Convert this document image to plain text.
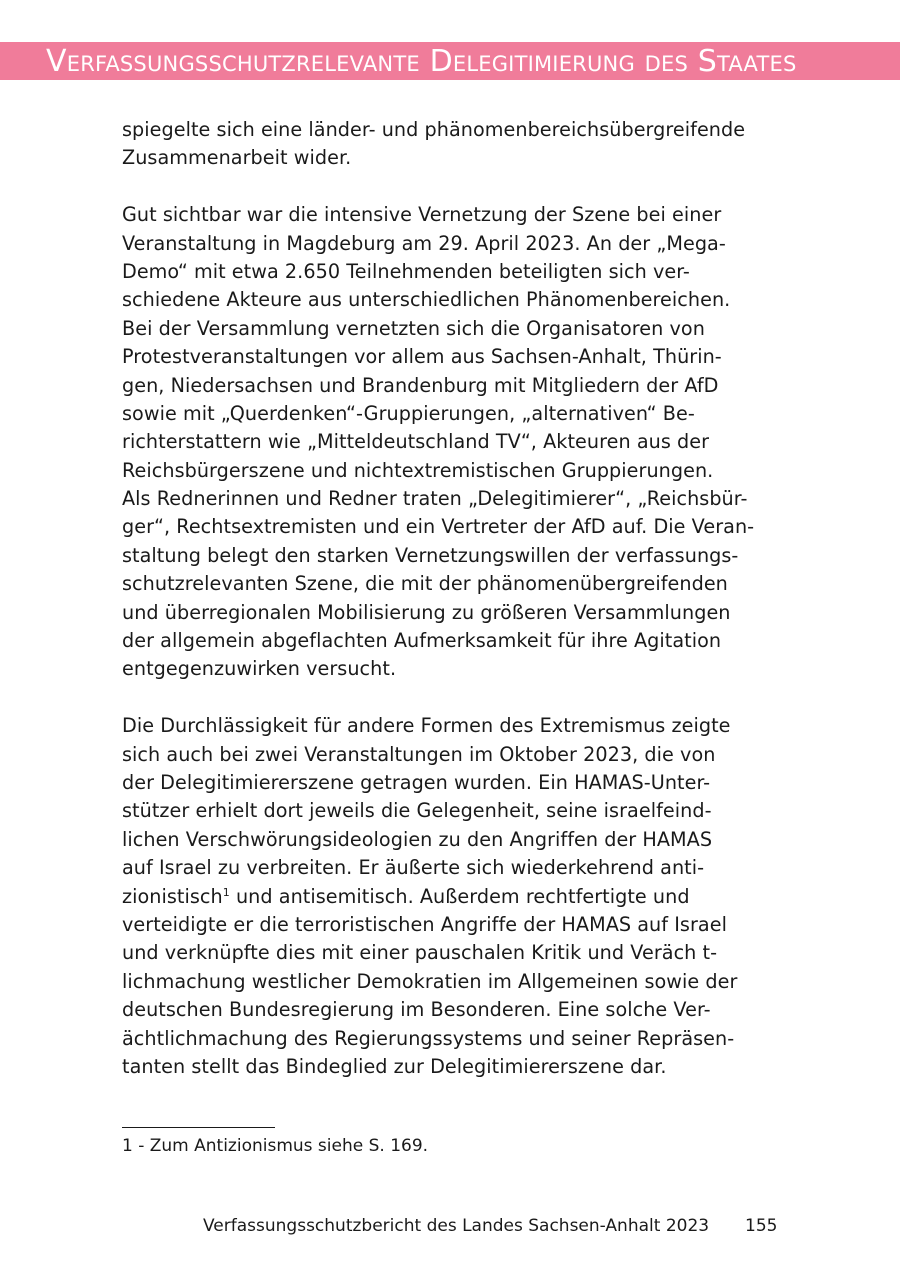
Verfassungsschutzrelevante Delegitimierung des Staates
spiegelte sich eine länder- und phänomenbereichsübergreifende
Zusammenarbeit wider.
Gut sichtbar war die intensive Vernetzung der Szene bei einer
Veranstaltung in Magdeburg am 29. April 2023. An der „Mega-
Demo“ mit etwa 2.650 Teilnehmenden beteiligten sich ver-
schiedene Akteure aus unterschiedlichen Phänomenbereichen.
Bei der Versammlung vernetzten sich die Organisatoren von
Protestveranstaltungen vor allem aus Sachsen-Anhalt, Thürin-
gen, Niedersachsen und Brandenburg mit Mitgliedern der AfD
sowie mit „Querdenken“-Gruppierungen, „alternativen“ Be-
richterstattern wie „Mitteldeutschland TV“, Akteuren aus der
Reichsbürgerszene und nichtextremistischen Gruppierungen.
Als Rednerinnen und Redner traten „Delegitimierer“, „Reichsbür-
ger“, Rechtsextremisten und ein Vertreter der AfD auf. Die Veran-
staltung belegt den starken Vernetzungswillen der verfassungs-
schutzrelevanten Szene, die mit der phänomenübergreifenden
und überregionalen Mobilisierung zu größeren Versammlungen
der allgemein abgeflachten Aufmerksamkeit für ihre Agitation
entgegenzuwirken versucht.
Die Durchlässigkeit für andere Formen des Extremismus zeigte
sich auch bei zwei Veranstaltungen im Oktober 2023, die von
der Delegitimiererszene getragen wurden. Ein HAMAS-Unter-
stützer erhielt dort jeweils die Gelegenheit, seine israelfeind-
lichen Verschwörungsideologien zu den Angriffen der HAMAS
auf Israel zu verbreiten. Er äußerte sich wiederkehrend anti-
zionistisch$^1$ und antisemitisch. Außerdem rechtfertigte und
verteidigte er die terroristischen Angriffe der HAMAS auf Israel
und verknüpfte dies mit einer pauschalen Kritik und Veräch t-
lichmachung westlicher Demokratien im Allgemeinen sowie der
deutschen Bundesregierung im Besonderen. Eine solche Ver-
ächtlichmachung des Regierungssystems und seiner Repräsen-
tanten stellt das Bindeglied zur Delegitimiererszene dar.
1 - Zum Antizionismus siehe S. 169.
Verfassungsschutzbericht des Landes Sachsen-Anhalt 2023 155
